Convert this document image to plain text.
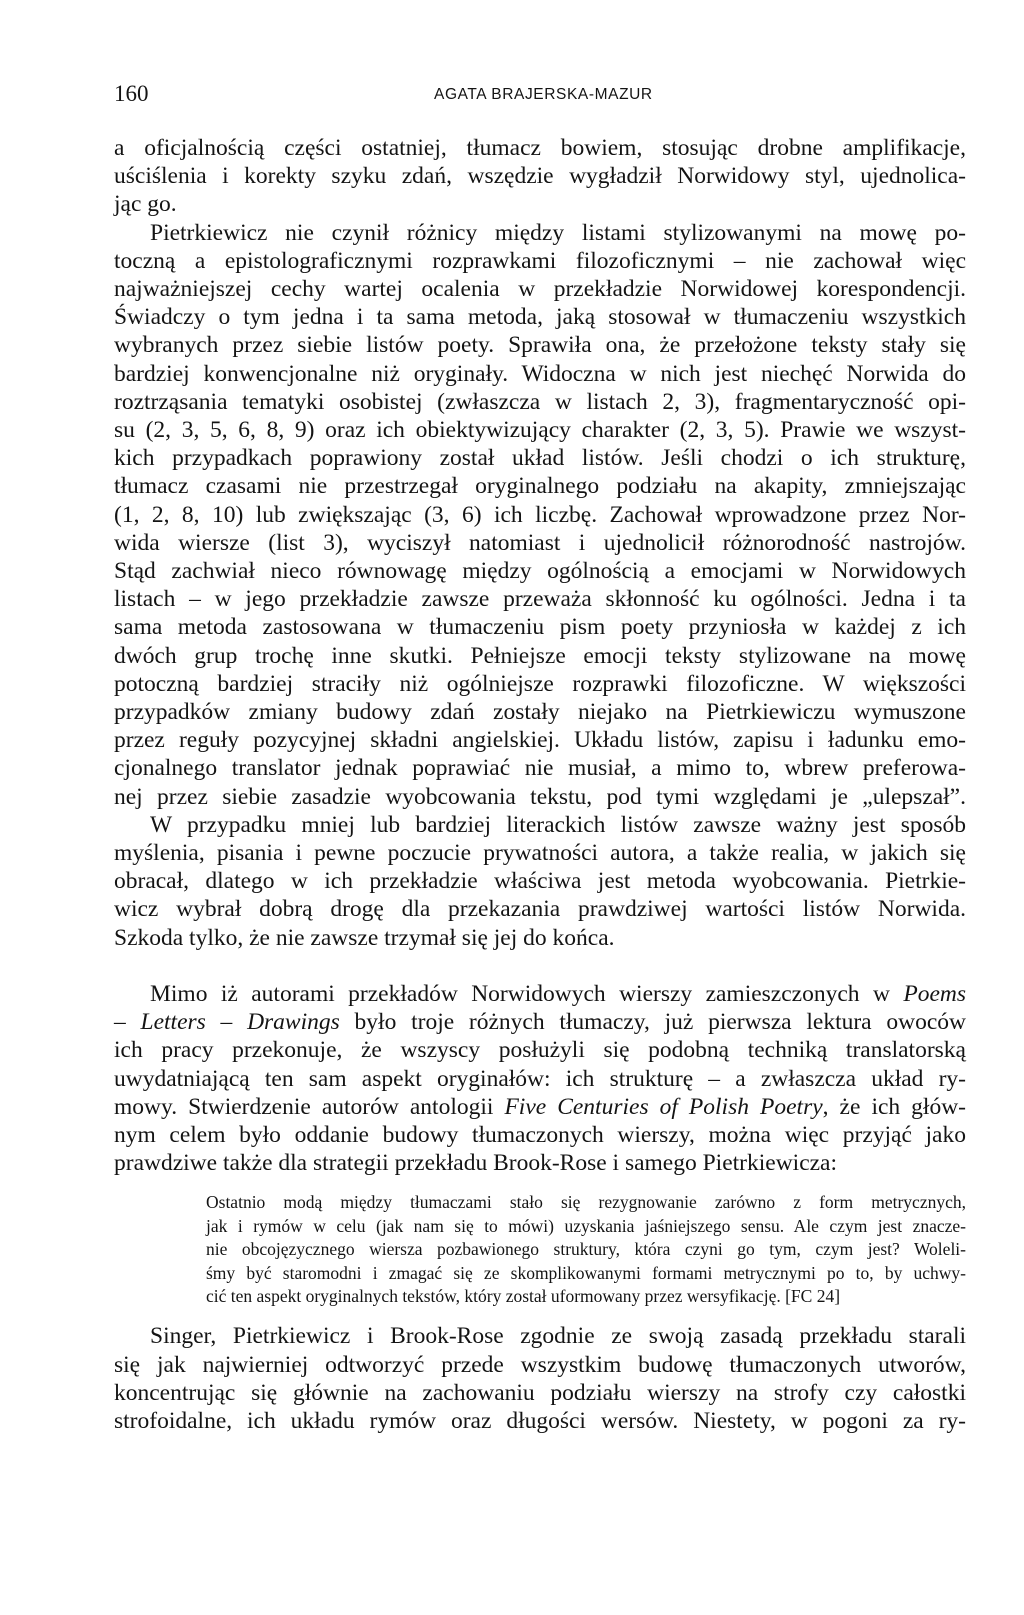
160	AGATA BRAJERSKA-MAZUR
a oficjalnością części ostatniej, tłumacz bowiem, stosując drobne amplifikacje,
uściślenia i korekty szyku zdań, wszędzie wygładził Norwidowy styl, ujednolica-
jąc go.
Pietrkiewicz nie czynił różnicy między listami stylizowanymi na mowę po-
toczną a epistolograficznymi rozprawkami filozoficznymi – nie zachował więc
najważniejszej cechy wartej ocalenia w przekładzie Norwidowej korespondencji.
Świadczy o tym jedna i ta sama metoda, jaką stosował w tłumaczeniu wszystkich
wybranych przez siebie listów poety. Sprawiła ona, że przełożone teksty stały się
bardziej konwencjonalne niż oryginały. Widoczna w nich jest niechęć Norwida do
roztrząsania tematyki osobistej (zwłaszcza w listach 2, 3), fragmentaryczność opi-
su (2, 3, 5, 6, 8, 9) oraz ich obiektywizujący charakter (2, 3, 5). Prawie we wszyst-
kich przypadkach poprawiony został układ listów. Jeśli chodzi o ich strukturę,
tłumacz czasami nie przestrzegał oryginalnego podziału na akapity, zmniejszając
(1, 2, 8, 10) lub zwiększając (3, 6) ich liczbę. Zachował wprowadzone przez Nor-
wida wiersze (list 3), wyciszył natomiast i ujednolicił różnorodność nastrojów.
Stąd zachwiał nieco równowagę między ogólnością a emocjami w Norwidowych
listach – w jego przekładzie zawsze przeważa skłonność ku ogólności. Jedna i ta
sama metoda zastosowana w tłumaczeniu pism poety przyniosła w każdej z ich
dwóch grup trochę inne skutki. Pełniejsze emocji teksty stylizowane na mowę
potoczną bardziej straciły niż ogólniejsze rozprawki filozoficzne. W większości
przypadków zmiany budowy zdań zostały niejako na Pietrkiewiczu wymuszone
przez reguły pozycyjnej składni angielskiej. Układu listów, zapisu i ładunku emo-
cjonalnego translator jednak poprawiać nie musiał, a mimo to, wbrew preferowa-
nej przez siebie zasadzie wyobcowania tekstu, pod tymi względami je „ulepszał”.
W przypadku mniej lub bardziej literackich listów zawsze ważny jest sposób
myślenia, pisania i pewne poczucie prywatności autora, a także realia, w jakich się
obracał, dlatego w ich przekładzie właściwa jest metoda wyobcowania. Pietrkie-
wicz wybrał dobrą drogę dla przekazania prawdziwej wartości listów Norwida.
Szkoda tylko, że nie zawsze trzymał się jej do końca.
Mimo iż autorami przekładów Norwidowych wierszy zamieszczonych w Poems
– Letters – Drawings było troje różnych tłumaczy, już pierwsza lektura owoców
ich pracy przekonuje, że wszyscy posłużyli się podobną techniką translatorską
uwydatniającą ten sam aspekt oryginałów: ich strukturę – a zwłaszcza układ ry-
mowy. Stwierdzenie autorów antologii Five Centuries of Polish Poetry, że ich głów-
nym celem było oddanie budowy tłumaczonych wierszy, można więc przyjąć jako
prawdziwe także dla strategii przekładu Brook-Rose i samego Pietrkiewicza:
Ostatnio modą między tłumaczami stało się rezygnowanie zarówno z form metrycznych,
jak i rymów w celu (jak nam się to mówi) uzyskania jaśniejszego sensu. Ale czym jest znacze-
nie obcojęzycznego wiersza pozbawionego struktury, która czyni go tym, czym jest? Woleli-
śmy być staromodni i zmagać się ze skomplikowanymi formami metrycznymi po to, by uchwy-
cić ten aspekt oryginalnych tekstów, który został uformowany przez wersyfikację. [FC 24]
Singer, Pietrkiewicz i Brook-Rose zgodnie ze swoją zasadą przekładu starali
się jak najwierniej odtworzyć przede wszystkim budowę tłumaczonych utworów,
koncentrując się głównie na zachowaniu podziału wierszy na strofy czy całostki
strofoidalne, ich układu rymów oraz długości wersów. Niestety, w pogoni za ry-
